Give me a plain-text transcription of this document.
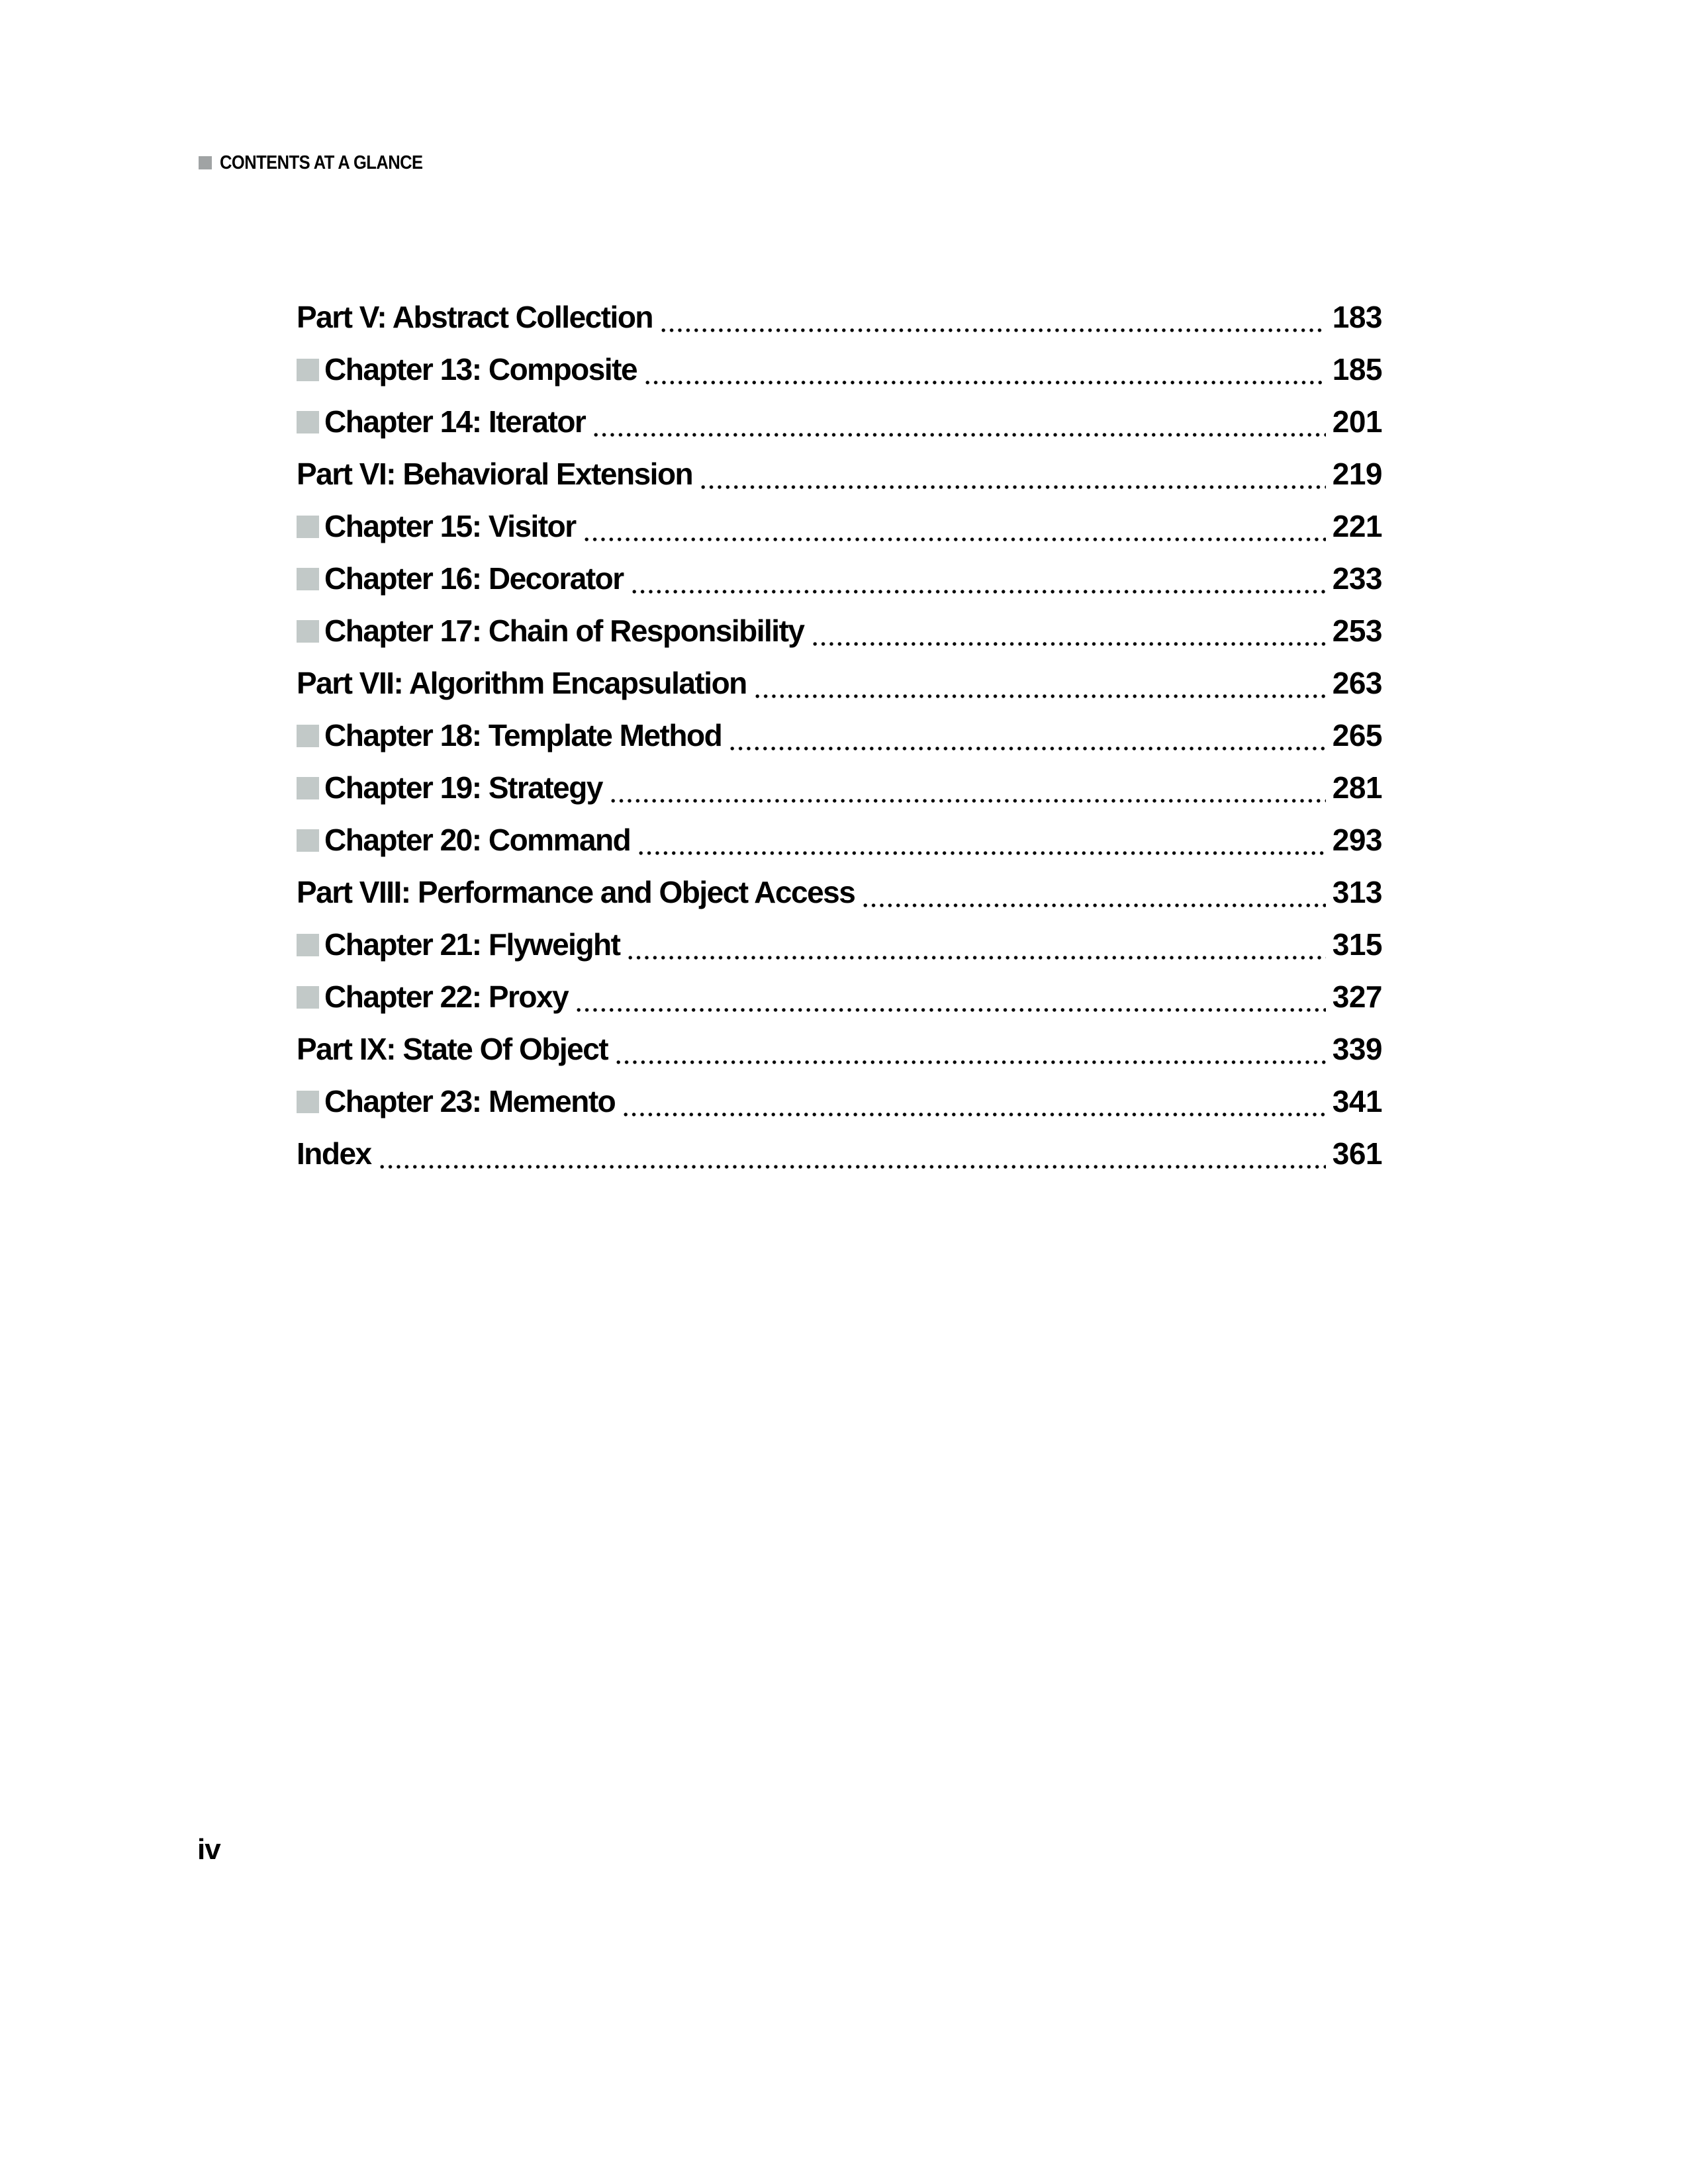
CONTENTS AT A GLANCE
Part V: Abstract Collection	183
Chapter 13: Composite	185
Chapter 14: Iterator	201
Part VI: Behavioral Extension	219
Chapter 15: Visitor	221
Chapter 16: Decorator	233
Chapter 17: Chain of Responsibility	253
Part VII: Algorithm Encapsulation	263
Chapter 18: Template Method	265
Chapter 19: Strategy	281
Chapter 20: Command	293
Part VIII: Performance and Object Access	313
Chapter 21: Flyweight	315
Chapter 22: Proxy	327
Part IX: State Of Object	339
Chapter 23: Memento	341
Index	361
iv
